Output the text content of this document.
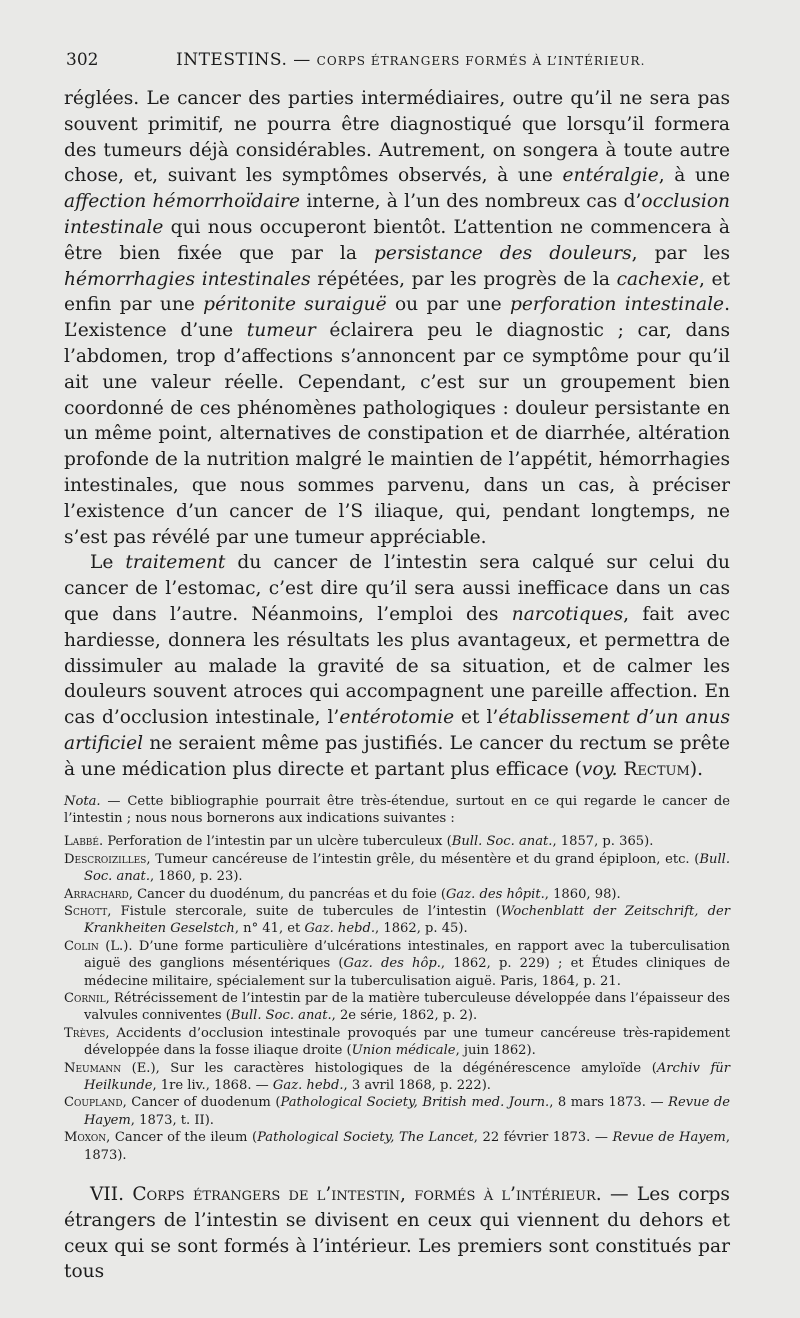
302	INTESTINS. — CORPS ÉTRANGERS FORMÉS À L’INTÉRIEUR.

réglées. Le cancer des parties intermédiaires, outre qu’il ne sera pas souvent primitif, ne pourra être diagnostiqué que lorsqu’il formera des tumeurs déjà considérables. Autrement, on songera à toute autre chose, et, suivant les symptômes observés, à une entéralgie, à une affection hémorrhoïdaire interne, à l’un des nombreux cas d’occlusion intestinale qui nous occuperont bientôt. L’attention ne commencera à être bien fixée que par la persistance des douleurs, par les hémorrhagies intestinales répétées, par les progrès de la cachexie, et enfin par une péritonite suraiguë ou par une perforation intestinale. L’existence d’une tumeur éclairera peu le diagnostic ; car, dans l’abdomen, trop d’affections s’annoncent par ce symptôme pour qu’il ait une valeur réelle. Cependant, c’est sur un groupement bien coordonné de ces phénomènes pathologiques : douleur persistante en un même point, alternatives de constipation et de diarrhée, altération profonde de la nutrition malgré le maintien de l’appétit, hémorrhagies intestinales, que nous sommes parvenu, dans un cas, à préciser l’existence d’un cancer de l’S iliaque, qui, pendant longtemps, ne s’est pas révélé par une tumeur appréciable.

Le traitement du cancer de l’intestin sera calqué sur celui du cancer de l’estomac, c’est dire qu’il sera aussi inefficace dans un cas que dans l’autre. Néanmoins, l’emploi des narcotiques, fait avec hardiesse, donnera les résultats les plus avantageux, et permettra de dissimuler au malade la gravité de sa situation, et de calmer les douleurs souvent atroces qui accompagnent une pareille affection. En cas d’occlusion intestinale, l’entérotomie et l’établissement d’un anus artificiel ne seraient même pas justifiés. Le cancer du rectum se prête à une médication plus directe et partant plus efficace (voy. Rectum).

Nota. — Cette bibliographie pourrait être très-étendue, surtout en ce qui regarde le cancer de l’intestin ; nous nous bornerons aux indications suivantes :

Labbé. Perforation de l’intestin par un ulcère tuberculeux (Bull. Soc. anat., 1857, p. 365).

Descroizilles, Tumeur cancéreuse de l’intestin grêle, du mésentère et du grand épiploon, etc. (Bull. Soc. anat., 1860, p. 23).

Arrachard, Cancer du duodénum, du pancréas et du foie (Gaz. des hôpit., 1860, 98).

Schott, Fistule stercorale, suite de tubercules de l’intestin (Wochenblatt der Zeitschrift, der Krankheiten Geselstch, n° 41, et Gaz. hebd., 1862, p. 45).

Colin (L.). D’une forme particulière d’ulcérations intestinales, en rapport avec la tuberculisation aiguë des ganglions mésentériques (Gaz. des hôp., 1862, p. 229) ; et Études cliniques de médecine militaire, spécialement sur la tuberculisation aiguë. Paris, 1864, p. 21.

Cornil, Rétrécissement de l’intestin par de la matière tuberculeuse développée dans l’épaisseur des valvules conniventes (Bull. Soc. anat., 2e série, 1862, p. 2).

Trèves, Accidents d’occlusion intestinale provoqués par une tumeur cancéreuse très-rapidement développée dans la fosse iliaque droite (Union médicale, juin 1862).

Neumann (E.), Sur les caractères histologiques de la dégénérescence amyloïde (Archiv für Heilkunde, 1re liv., 1868. — Gaz. hebd., 3 avril 1868, p. 222).

Coupland, Cancer of duodenum (Pathological Society, British med. Journ., 8 mars 1873. — Revue de Hayem, 1873, t. II).

Moxon, Cancer of the ileum (Pathological Society, The Lancet, 22 février 1873. — Revue de Hayem, 1873).

VII. Corps étrangers de l’intestin, formés à l’intérieur. — Les corps étrangers de l’intestin se divisent en ceux qui viennent du dehors et ceux qui se sont formés à l’intérieur. Les premiers sont constitués par tous
